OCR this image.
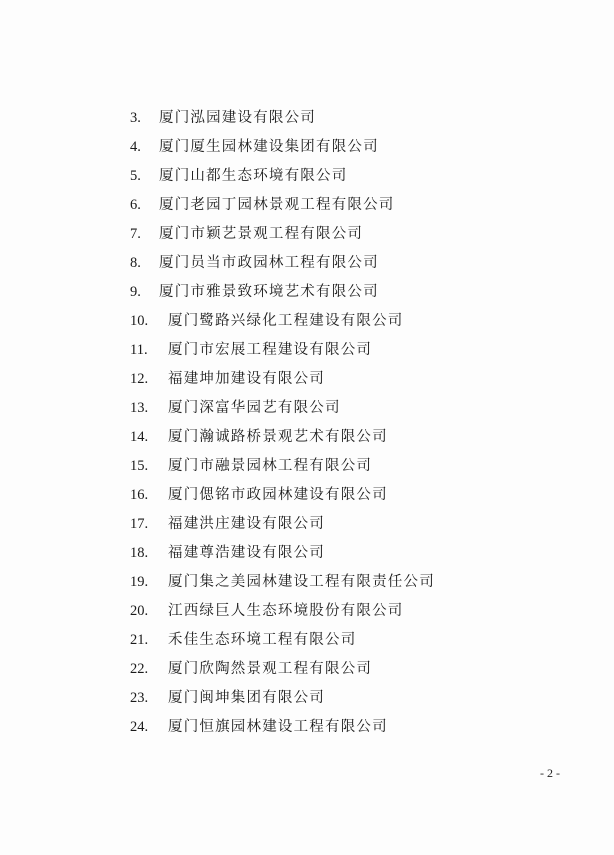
3. 厦门泓园建设有限公司
4. 厦门厦生园林建设集团有限公司
5. 厦门山都生态环境有限公司
6. 厦门老园丁园林景观工程有限公司
7. 厦门市颖艺景观工程有限公司
8. 厦门员当市政园林工程有限公司
9. 厦门市雅景致环境艺术有限公司
10. 厦门鹭路兴绿化工程建设有限公司
11. 厦门市宏展工程建设有限公司
12. 福建坤加建设有限公司
13. 厦门深富华园艺有限公司
14. 厦门瀚诚路桥景观艺术有限公司
15. 厦门市融景园林工程有限公司
16. 厦门偲铭市政园林建设有限公司
17. 福建洪庄建设有限公司
18. 福建尊浩建设有限公司
19. 厦门集之美园林建设工程有限责任公司
20. 江西绿巨人生态环境股份有限公司
21. 禾佳生态环境工程有限公司
22. 厦门欣陶然景观工程有限公司
23. 厦门闽坤集团有限公司
24. 厦门恒旗园林建设工程有限公司
- 2 -
